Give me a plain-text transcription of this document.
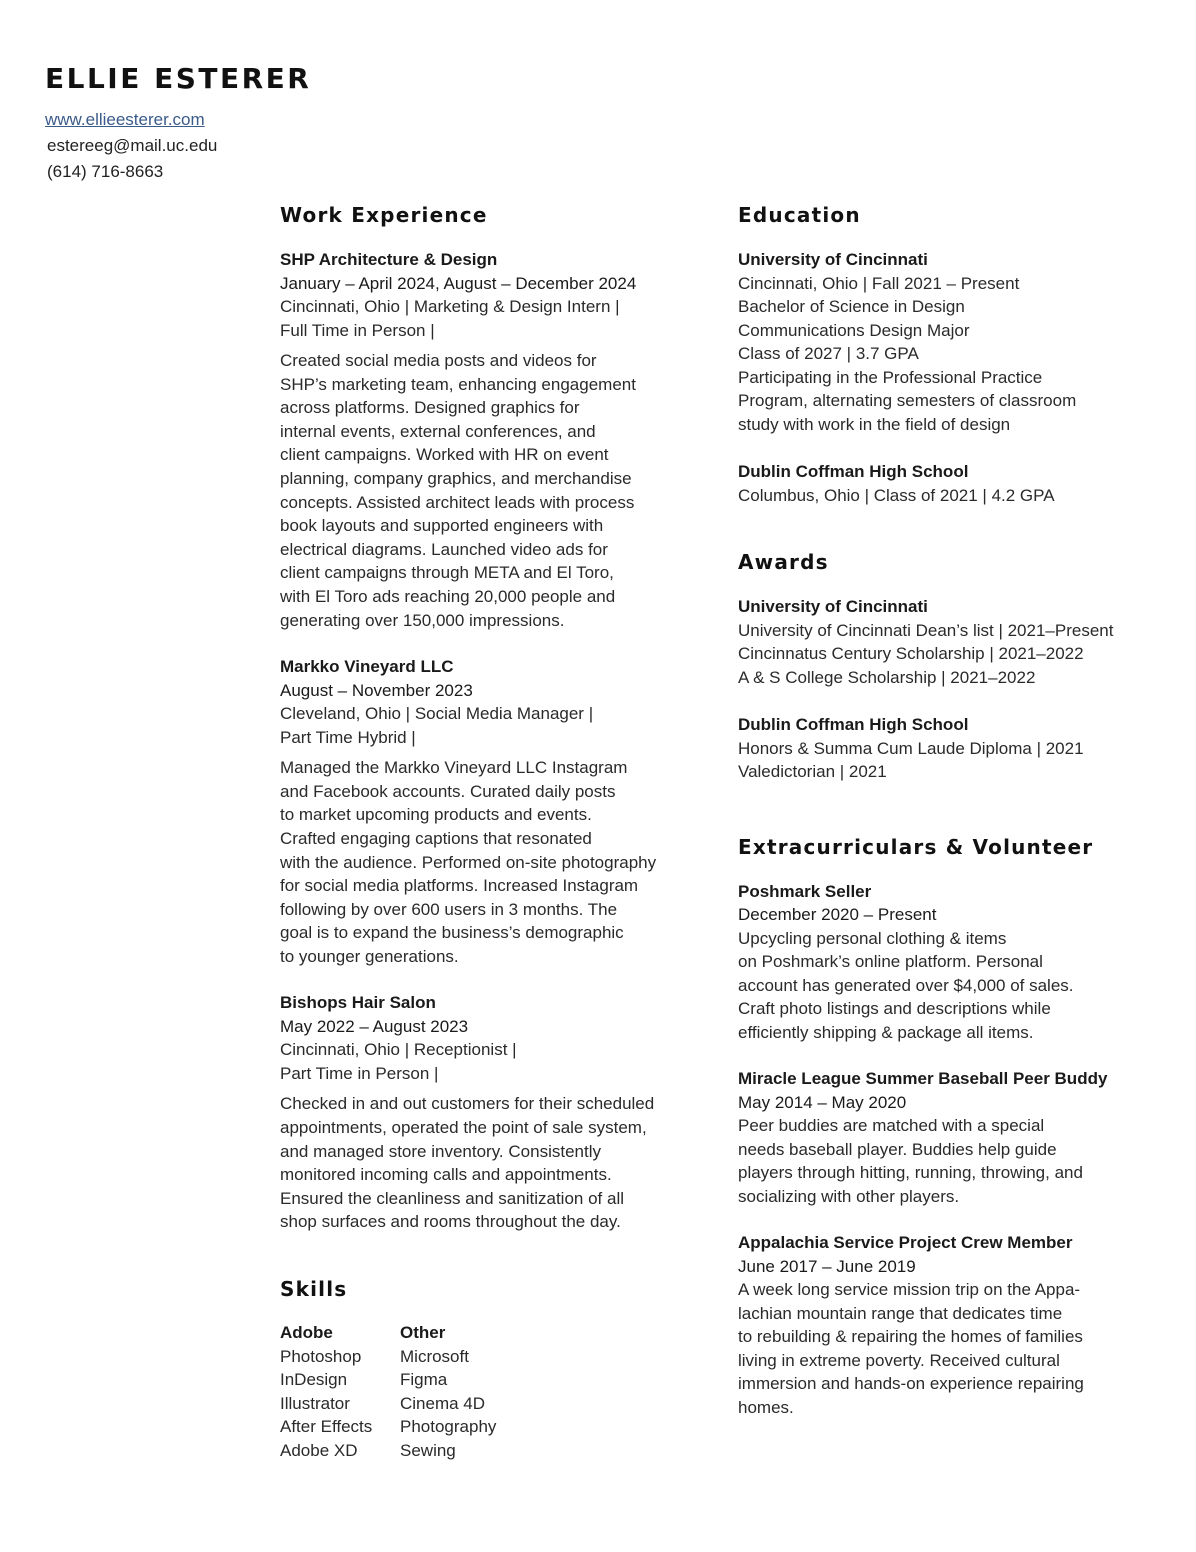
ELLIE ESTERER
www.ellieesterer.com
estereeg@mail.uc.edu
(614) 716-8663
Work Experience
SHP Architecture & Design
January – April 2024, August – December 2024
Cincinnati, Ohio | Marketing & Design Intern |
Full Time in Person |
Created social media posts and videos for
SHP’s marketing team, enhancing engagement
across platforms. Designed graphics for
internal events, external conferences, and
client campaigns. Worked with HR on event
planning, company graphics, and merchandise
concepts. Assisted architect leads with process
book layouts and supported engineers with
electrical diagrams. Launched video ads for
client campaigns through META and El Toro,
with El Toro ads reaching 20,000 people and
generating over 150,000 impressions.
Markko Vineyard LLC
August – November 2023
Cleveland, Ohio | Social Media Manager |
Part Time Hybrid |
Managed the Markko Vineyard LLC Instagram
and Facebook accounts. Curated daily posts
to market upcoming products and events.
Crafted engaging captions that resonated
with the audience. Performed on-site photography
for social media platforms. Increased Instagram
following by over 600 users in 3 months. The
goal is to expand the business’s demographic
to younger generations.
Bishops Hair Salon
May 2022 – August 2023
Cincinnati, Ohio | Receptionist |
Part Time in Person |
Checked in and out customers for their scheduled
appointments, operated the point of sale system,
and managed store inventory. Consistently
monitored incoming calls and appointments.
Ensured the cleanliness and sanitization of all
shop surfaces and rooms throughout the day.
Skills
Adobe
Photoshop
InDesign
Illustrator
After Effects
Adobe XD
Other
Microsoft
Figma
Cinema 4D
Photography
Sewing
Education
University of Cincinnati
Cincinnati, Ohio | Fall 2021 – Present
Bachelor of Science in Design
Communications Design Major
Class of 2027 | 3.7 GPA
Participating in the Professional Practice
Program, alternating semesters of classroom
study with work in the field of design
Dublin Coffman High School
Columbus, Ohio | Class of 2021 | 4.2 GPA
Awards
University of Cincinnati
University of Cincinnati Dean’s list | 2021–Present
Cincinnatus Century Scholarship | 2021–2022
A & S College Scholarship | 2021–2022
Dublin Coffman High School
Honors & Summa Cum Laude Diploma | 2021
Valedictorian | 2021
Extracurriculars & Volunteer
Poshmark Seller
December 2020 – Present
Upcycling personal clothing & items
on Poshmark’s online platform. Personal
account has generated over $4,000 of sales.
Craft photo listings and descriptions while
efficiently shipping & package all items.
Miracle League Summer Baseball Peer Buddy
May 2014 – May 2020
Peer buddies are matched with a special
needs baseball player. Buddies help guide
players through hitting, running, throwing, and
socializing with other players.
Appalachia Service Project Crew Member
June 2017 – June 2019
A week long service mission trip on the Appa-
lachian mountain range that dedicates time
to rebuilding & repairing the homes of families
living in extreme poverty. Received cultural
immersion and hands-on experience repairing
homes.
